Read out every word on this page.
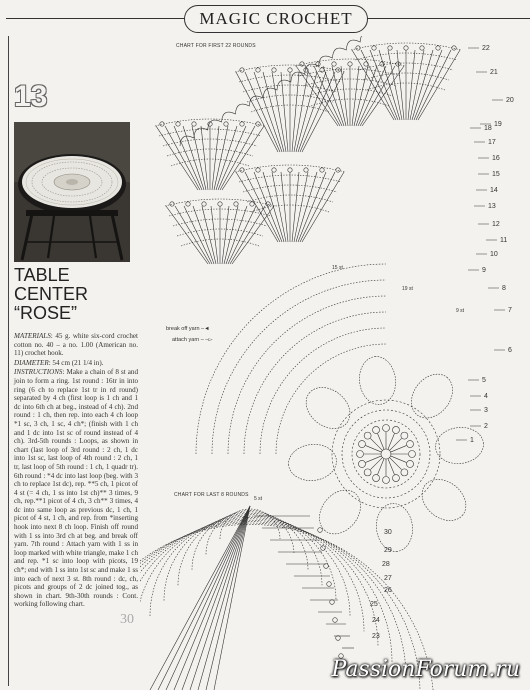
MAGIC CROCHET
13
TABLE
CENTER
“ROSE”

MATERIALS: 45 g. white six-cord crochet cotton no. 40 – a no. 1.00 (American no. 11) crochet hook.

DIAMETER: 54 cm (21 1/4 in).

INSTRUCTIONS: Make a chain of 8 st and join to form a ring. 1st round : 16tr in into ring (6 ch to replace 1st tr in rd round) separated by 4 ch (first loop is 1 ch and 1 dc into 6th ch at beg., instead of 4 ch). 2nd round : 1 ch, then rep. into each 4 ch loop *1 sc, 3 ch, 1 sc, 4 ch*; (finish with 1 ch and 1 dc into 1st sc of round instead of 4 ch). 3rd-5th rounds : Loops, as shown in chart (last loop of 3rd round : 2 ch, 1 dc into 1st sc, last loop of 4th round : 2 ch, 1 tr, last loop of 5th round : 1 ch, 1 quadr tr). 6th round : *4 dc into last loop (beg. with 3 ch to replace 1st dc), rep. **5 ch, 1 picot of 4 st (= 4 ch, 1 ss into 1st ch)** 3 times, 9 ch, rep.**1 picot of 4 ch, 3 ch** 3 times, 4 dc into same loop as previous dc, 1 ch, 1 picot of 4 st, 1 ch, and rep. from *inserting hook into next 8 ch loop. Finish off round with 1 ss into 3rd ch at beg. and break off yarn. 7th round : Attach yarn with 1 ss in loop marked with white triangle, make 1 ch and rep. *1 sc into loop with picots, 19 ch*; end with 1 ss into 1st sc and make 1 ss into each of next 3 st. 8th round : dc, ch, picots and groups of 2 dc joined tog., as shown in chart. 9th-30th rounds : Cont. working following chart.

30
CHART FOR FIRST 22 ROUNDS
CHART FOR LAST 8 ROUNDS
break off yarn –◄
attach yarn – –▻
22
21
20
19
18
17
16
15
14
13
12
11
10
9
8
7
6
5
4
3
2
1
30
29
28
27
26
25
24
23
15 st
19 st
9 st
5 st
PassionForum.ru
